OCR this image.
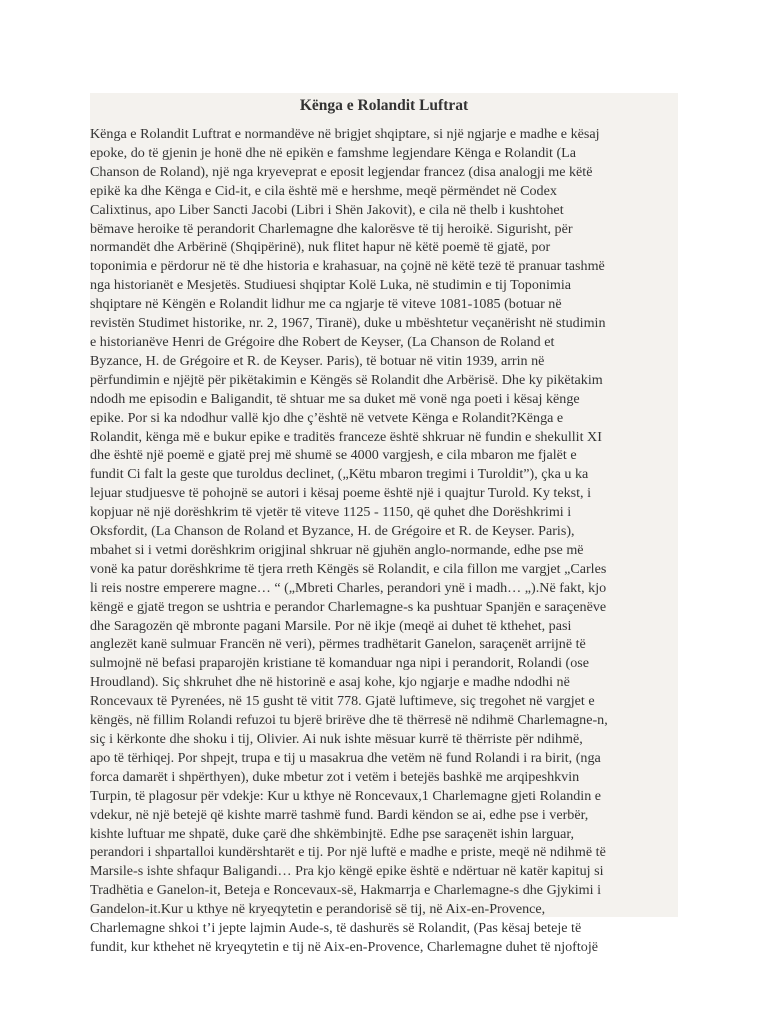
Kënga e Rolandit Luftrat
Kënga e Rolandit Luftrat e normandëve në brigjet shqiptare, si një ngjarje e madhe e kësaj
epoke, do të gjenin je honë dhe në epikën e famshme legjendare Kënga e Rolandit (La
Chanson de Roland), një nga kryeveprat e eposit legjendar francez (disa analogji me këtë
epikë ka dhe Kënga e Cid-it, e cila është më e hershme, meqë përmëndet në Codex
Calixtinus, apo Liber Sancti Jacobi (Libri i Shën Jakovit), e cila në thelb i kushtohet
bëmave heroike të perandorit Charlemagne dhe kalorësve të tij heroikë. Sigurisht, për
normandët dhe Arbërinë (Shqipërinë), nuk flitet hapur në këtë poemë të gjatë, por
toponimia e përdorur në të dhe historia e krahasuar, na çojnë në këtë tezë të pranuar tashmë
nga historianët e Mesjetës. Studiuesi shqiptar Kolë Luka, në studimin e tij Toponimia
shqiptare në Këngën e Rolandit lidhur me ca ngjarje të viteve 1081-1085 (botuar në
revistën Studimet historike, nr. 2, 1967, Tiranë), duke u mbështetur veçanërisht në studimin
e historianëve Henri de Grégoire dhe Robert de Keyser, (La Chanson de Roland et
Byzance, H. de Grégoire et R. de Keyser. Paris), të botuar në vitin 1939, arrin në
përfundimin e njëjtë për pikëtakimin e Këngës së Rolandit dhe Arbërisë. Dhe ky pikëtakim
ndodh me episodin e Baligandit, të shtuar me sa duket më vonë nga poeti i kësaj kënge
epike. Por si ka ndodhur vallë kjo dhe ç’është në vetvete Kënga e Rolandit?Kënga e
Rolandit, kënga më e bukur epike e traditës franceze është shkruar në fundin e shekullit XI
dhe është një poemë e gjatë prej më shumë se 4000 vargjesh, e cila mbaron me fjalët e
fundit Ci falt la geste que turoldus declinet, („Këtu mbaron tregimi i Turoldit”), çka u ka
lejuar studjuesve të pohojnë se autori i kësaj poeme është një i quajtur Turold. Ky tekst, i
kopjuar në një dorëshkrim të vjetër të viteve 1125 - 1150, që quhet dhe Dorëshkrimi i
Oksfordit, (La Chanson de Roland et Byzance, H. de Grégoire et R. de Keyser. Paris),
mbahet si i vetmi dorëshkrim origjinal shkruar në gjuhën anglo-normande, edhe pse më
vonë ka patur dorëshkrime të tjera rreth Këngës së Rolandit, e cila fillon me vargjet „Carles
li reis nostre emperere magne… “ („Mbreti Charles, perandori ynë i madh… „).Në fakt, kjo
këngë e gjatë tregon se ushtria e perandor Charlemagne-s ka pushtuar Spanjën e saraçenëve
dhe Saragozën që mbronte pagani Marsile. Por në ikje (meqë ai duhet të kthehet, pasi
anglezët kanë sulmuar Francën në veri), përmes tradhëtarit Ganelon, saraçenët arrijnë të
sulmojnë në befasi praparojën kristiane të komanduar nga nipi i perandorit, Rolandi (ose
Hroudland). Siç shkruhet dhe në historinë e asaj kohe, kjo ngjarje e madhe ndodhi në
Roncevaux të Pyrenées, në 15 gusht të vitit 778. Gjatë luftimeve, siç tregohet në vargjet e
këngës, në fillim Rolandi refuzoi tu bjerë brirëve dhe të thërresë në ndihmë Charlemagne-n,
siç i kërkonte dhe shoku i tij, Olivier. Ai nuk ishte mësuar kurrë të thërriste për ndihmë,
apo të tërhiqej. Por shpejt, trupa e tij u masakrua dhe vetëm në fund Rolandi i ra birit, (nga
forca damarët i shpërthyen), duke mbetur zot i vetëm i betejës bashkë me arqipeshkvin
Turpin, të plagosur për vdekje: Kur u kthye në Roncevaux,1 Charlemagne gjeti Rolandin e
vdekur, në një betejë që kishte marrë tashmë fund. Bardi këndon se ai, edhe pse i verbër,
kishte luftuar me shpatë, duke çarë dhe shkëmbinjtë. Edhe pse saraçenët ishin larguar,
perandori i shpartalloi kundërshtarët e tij. Por një luftë e madhe e priste, meqë në ndihmë të
Marsile-s ishte shfaqur Baligandi… Pra kjo këngë epike është e ndërtuar në katër kapituj si
Tradhëtia e Ganelon-it, Beteja e Roncevaux-së, Hakmarrja e Charlemagne-s dhe Gjykimi i
Gandelon-it.Kur u kthye në kryeqytetin e perandorisë së tij, në Aix-en-Provence,
Charlemagne shkoi t’i jepte lajmin Aude-s, të dashurës së Rolandit, (Pas kësaj beteje të
fundit, kur kthehet në kryeqytetin e tij në Aix-en-Provence, Charlemagne duhet të njoftojë
